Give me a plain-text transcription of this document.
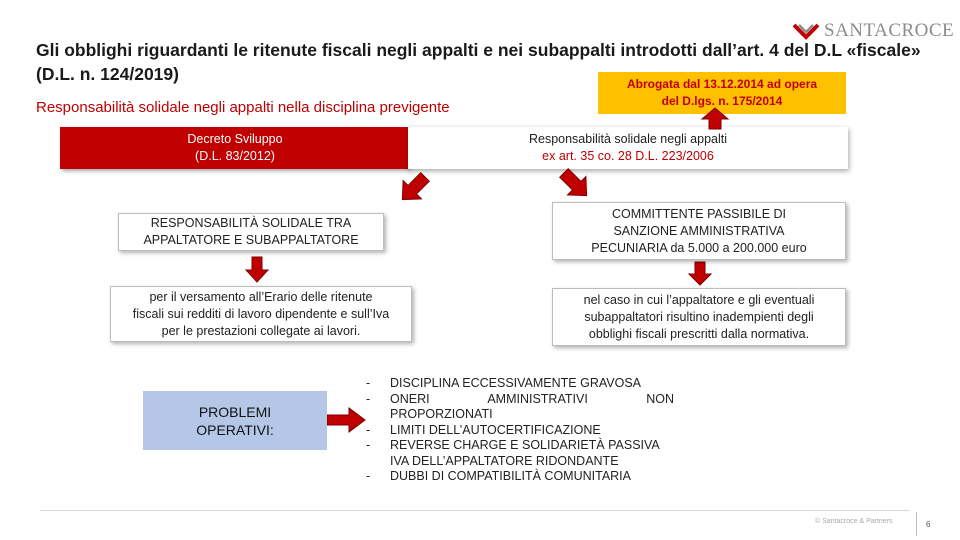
SANTACROCE
Gli obblighi riguardanti le ritenute fiscali negli appalti e nei subappalti introdotti dall’art. 4 del D.L «fiscale» (D.L. n. 124/2019)	Abrogata dal 13.12.2014 ad opera
del D.lgs. n. 175/2014
Responsabilità solidale negli appalti nella disciplina previgente
Decreto Sviluppo
(D.L. 83/2012)
Responsabilità solidale negli appalti
ex art. 35 co. 28 D.L. 223/2006
RESPONSABILITÀ SOLIDALE TRA
APPALTATORE E SUBAPPALTATORE
COMMITTENTE PASSIBILE DI
SANZIONE AMMINISTRATIVA
PECUNIARIA da 5.000 a 200.000 euro
per il versamento all’Erario delle ritenute
fiscali sui redditi di lavoro dipendente e sull’Iva
per le prestazioni collegate ai lavori.
nel caso in cui l’appaltatore e gli eventuali
subappaltatori risultino inadempienti degli
obblighi fiscali prescritti dalla normativa.
PROBLEMI
OPERATIVI:
-	DISCIPLINA ECCESSIVAMENTE GRAVOSA
-	ONERI AMMINISTRATIVI NON
PROPORZIONATI
-	LIMITI DELL’AUTOCERTIFICAZIONE
-	REVERSE CHARGE E SOLIDARIETÀ PASSIVA
IVA DELL’APPALTATORE RIDONDANTE
-	DUBBI DI COMPATIBILITÀ COMUNITARIA
© Santacroce & Partners	6
